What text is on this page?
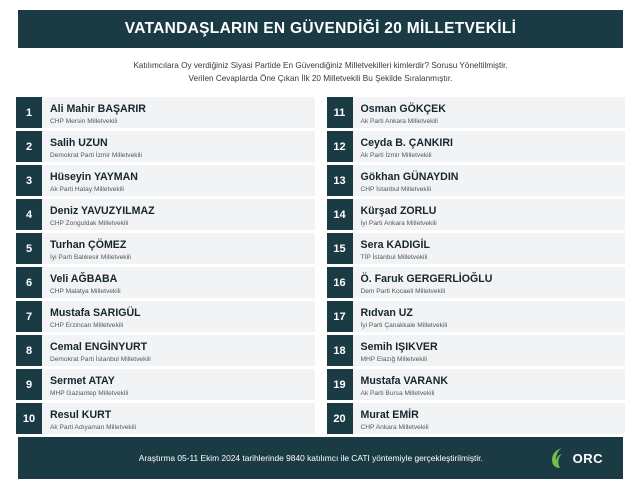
VATANDAŞLARIN EN GÜVENDİĞİ 20 MİLLETVEKİLİ
Katılımcılara Oy verdiğiniz Siyasi Partide En Güvendiğiniz Milletvekilleri kimlerdir? Sorusu Yöneltilmiştir.
Verilen Cevaplarda Öne Çıkan İlk 20 Milletvekili Bu Şekilde Sıralanmıştır.
1	Ali Mahir BAŞARIR
CHP Mersin Milletvekili
2	Salih UZUN
Demokrat Parti İzmir Milletvekili
3	Hüseyin YAYMAN
Ak Parti Hatay Milletvekili
4	Deniz YAVUZYILMAZ
CHP Zonguldak Milletvekili
5	Turhan ÇÖMEZ
İyi Parti Balıkesir Milletvekili
6	Veli AĞBABA
CHP Malatya Milletvekili
7	Mustafa SARIGÜL
CHP Erzincan Milletvekili
8	Cemal ENGİNYURT
Demokrat Parti İstanbul Milletvekili
9	Sermet ATAY
MHP Gaziantep Milletvekili
10	Resul KURT
Ak Parti Adıyaman Milletvekili
11	Osman GÖKÇEK
Ak Parti Ankara Milletvekili
12	Ceyda B. ÇANKIRI
Ak Parti İzmir Milletvekili
13	Gökhan GÜNAYDIN
CHP İstanbul Milletvekili
14	Kürşad ZORLU
İyi Parti Ankara Milletvekili
15	Sera KADIGİL
TİP İstanbul Milletvekili
16	Ö. Faruk GERGERLİOĞLU
Dem Parti Kocaeli Milletvekili
17	Rıdvan UZ
İyi Parti Çanakkale Milletvekili
18	Semih IŞIKVER
MHP Elazığ Milletvekili
19	Mustafa VARANK
Ak Parti Bursa Milletvekili
20	Murat EMİR
CHP Ankara Milletvekili
Araştırma 05-11 Ekim 2024 tarihlerinde 9840 katılımcı ile CATI yöntemiyle gerçekleştirilmiştir.	ORC
